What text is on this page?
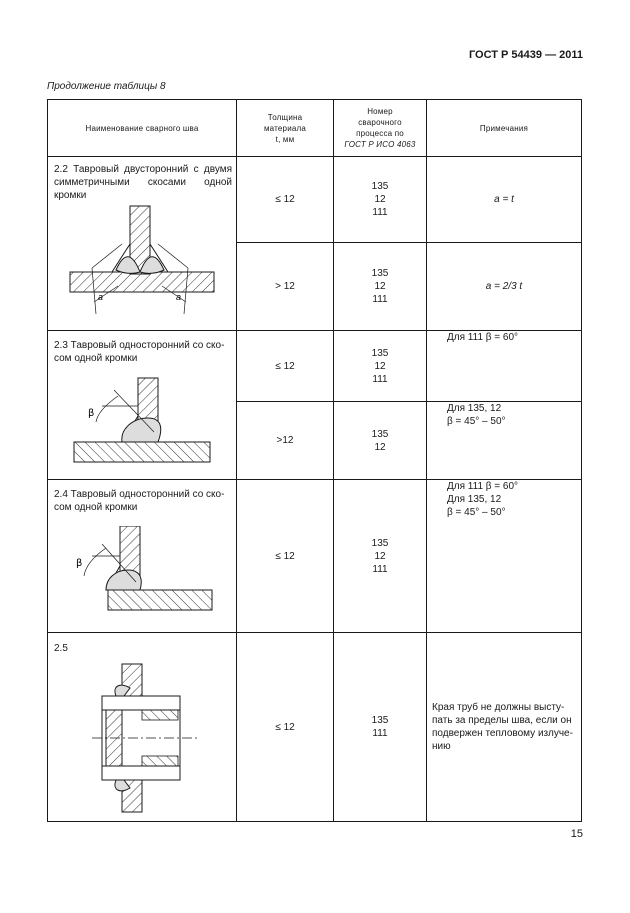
ГОСТ Р 54439 — 2011
Продолжение таблицы 8
Наименование сварного шва
Толщина
материала
t, мм
Номер
сварочного
процесса по
ГОСТ Р ИСО 4063
Примечания
2.2 Тавровый двусторонний с двумя
симметричными скосами одной
кромки
a	a
≤ 12
135
12
111
a = t
> 12
135
12
111
a = 2/3 t
2.3 Тавровый односторонний со ско-
сом одной кромки
β
≤ 12
135
12
111
Для 111 β = 60°
>12
135
12
Для 135, 12
β = 45° – 50°
2.4 Тавровый односторонний со ско-
сом одной кромки
β
≤ 12
135
12
111
Для 111 β = 60°
Для 135, 12
β = 45° – 50°
2.5
≤ 12
135
111
Края труб не должны высту-
пать за пределы шва, если он
подвержен тепловому излуче-
нию
15
